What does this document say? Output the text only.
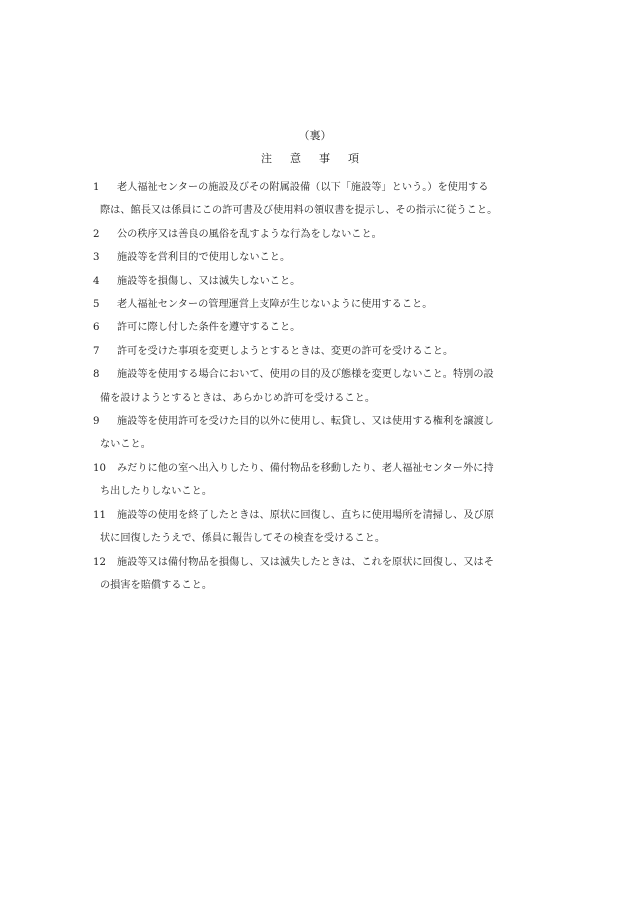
（裏）
注意事項
1 老人福祉センターの施設及びその附属設備（以下「施設等」という。）を使用する
際は、館長又は係員にこの許可書及び使用料の領収書を提示し、その指示に従うこと。
2 公の秩序又は善良の風俗を乱すような行為をしないこと。
3 施設等を営利目的で使用しないこと。
4 施設等を損傷し、又は滅失しないこと。
5 老人福祉センターの管理運営上支障が生じないように使用すること。
6 許可に際し付した条件を遵守すること。
7 許可を受けた事項を変更しようとするときは、変更の許可を受けること。
8 施設等を使用する場合において、使用の目的及び態様を変更しないこと。特別の設
備を設けようとするときは、あらかじめ許可を受けること。
9 施設等を使用許可を受けた目的以外に使用し、転貸し、又は使用する権利を譲渡し
ないこと。
10 みだりに他の室へ出入りしたり、備付物品を移動したり、老人福祉センター外に持
ち出したりしないこと。
11 施設等の使用を終了したときは、原状に回復し、直ちに使用場所を清掃し、及び原
状に回復したうえで、係員に報告してその検査を受けること。
12 施設等又は備付物品を損傷し、又は滅失したときは、これを原状に回復し、又はそ
の損害を賠償すること。
